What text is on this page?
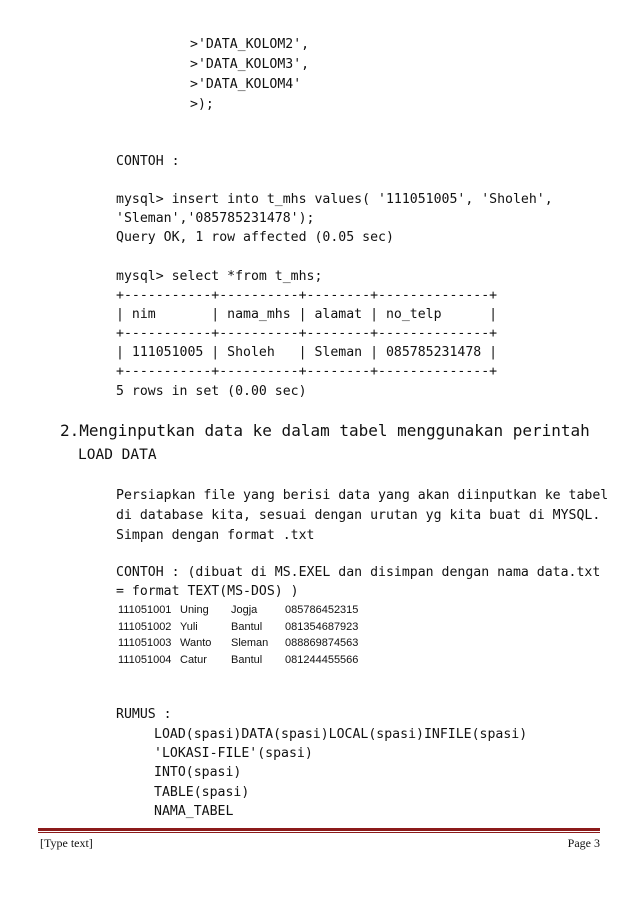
>'DATA_KOLOM2',
>'DATA_KOLOM3',
>'DATA_KOLOM4'
>);
CONTOH :
mysql> insert into t_mhs values( '111051005', 'Sholeh',
'Sleman','085785231478');
Query OK, 1 row affected (0.05 sec)
mysql> select *from t_mhs;
+-----------+----------+--------+--------------+
| nim       | nama_mhs | alamat | no_telp      |
+-----------+----------+--------+--------------+
| 111051005 | Sholeh   | Sleman | 085785231478 |
+-----------+----------+--------+--------------+
5 rows in set (0.00 sec)
2.Menginputkan data ke dalam tabel menggunakan perintah
LOAD DATA
Persiapkan file yang berisi data yang akan diinputkan ke tabel
di database kita, sesuai dengan urutan yg kita buat di MYSQL.
Simpan dengan format .txt
CONTOH : (dibuat di MS.EXEL dan disimpan dengan nama data.txt
= format TEXT(MS-DOS) )
111051001 Uning Jogja	085786452315
111051002 Yuli	Bantul 081354687923
111051003 Wanto Sleman 088869874563
111051004 Catur Bantul 081244455566
RUMUS :
LOAD(spasi)DATA(spasi)LOCAL(spasi)INFILE(spasi)
'LOKASI-FILE'(spasi)
INTO(spasi)
TABLE(spasi)
NAMA_TABEL
[Type text]	Page 3
